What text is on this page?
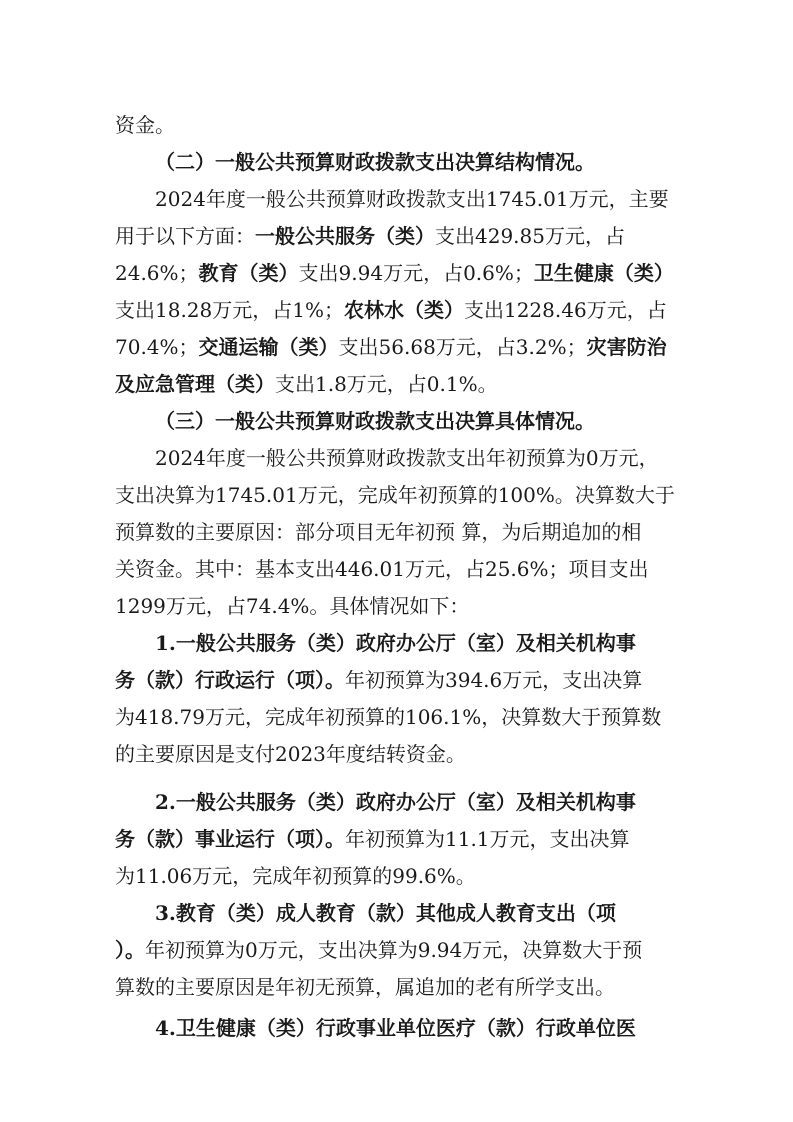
资金。
（二）一般公共预算财政拨款支出决算结构情况。
2024年度一般公共预算财政拨款支出1745.01万元，主要
用于以下方面：一般公共服务（类）支出429.85万元，占
24.6%；教育（类）支出9.94万元，占0.6%；卫生健康（类）
支出18.28万元，占1%；农林水（类）支出1228.46万元，占
70.4%；交通运输（类）支出56.68万元，占3.2%；灾害防治
及应急管理（类）支出1.8万元，占0.1%。
（三）一般公共预算财政拨款支出决算具体情况。
2024年度一般公共预算财政拨款支出年初预算为0万元，
支出决算为1745.01万元，完成年初预算的100%。决算数大于
预算数的主要原因：部分项目无年初预 算，为后期追加的相
关资金。其中：基本支出446.01万元，占25.6%；项目支出
1299万元，占74.4%。具体情况如下：
1.一般公共服务（类）政府办公厅（室）及相关机构事
务（款）行政运行（项）。年初预算为394.6万元，支出决算
为418.79万元，完成年初预算的106.1%，决算数大于预算数
的主要原因是支付2023年度结转资金。
2.一般公共服务（类）政府办公厅（室）及相关机构事
务（款）事业运行（项）。年初预算为11.1万元，支出决算
为11.06万元，完成年初预算的99.6%。
3.教育（类）成人教育（款）其他成人教育支出（项
）。年初预算为0万元，支出决算为9.94万元，决算数大于预
算数的主要原因是年初无预算，属追加的老有所学支出。
4.卫生健康（类）行政事业单位医疗（款）行政单位医
